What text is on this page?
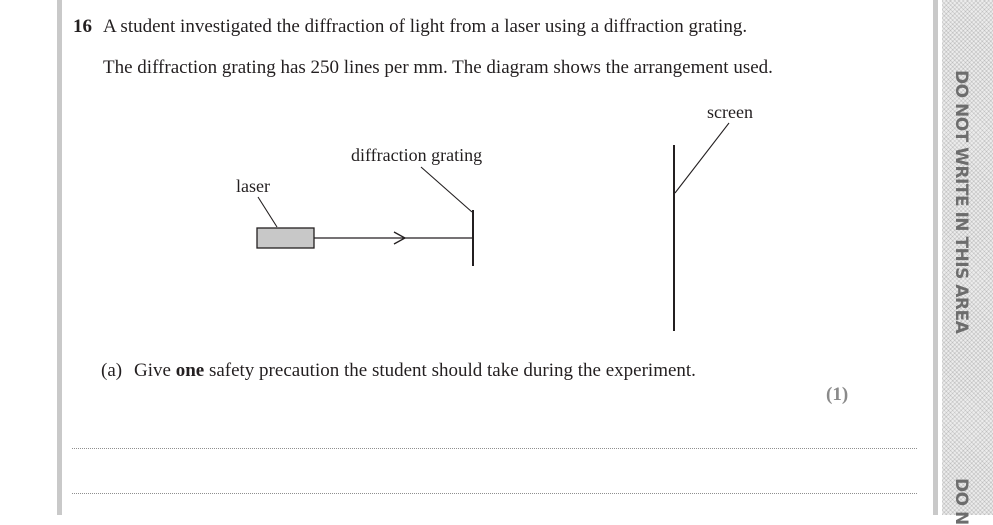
DO NOT WRITE IN THIS AREA
DO N
16 A student investigated the diffraction of light from a laser using a diffraction grating.
The diffraction grating has 250 lines per mm. The diagram shows the arrangement used.
laser
diffraction grating
screen
(a) Give one safety precaution the student should take during the experiment.
(1)
